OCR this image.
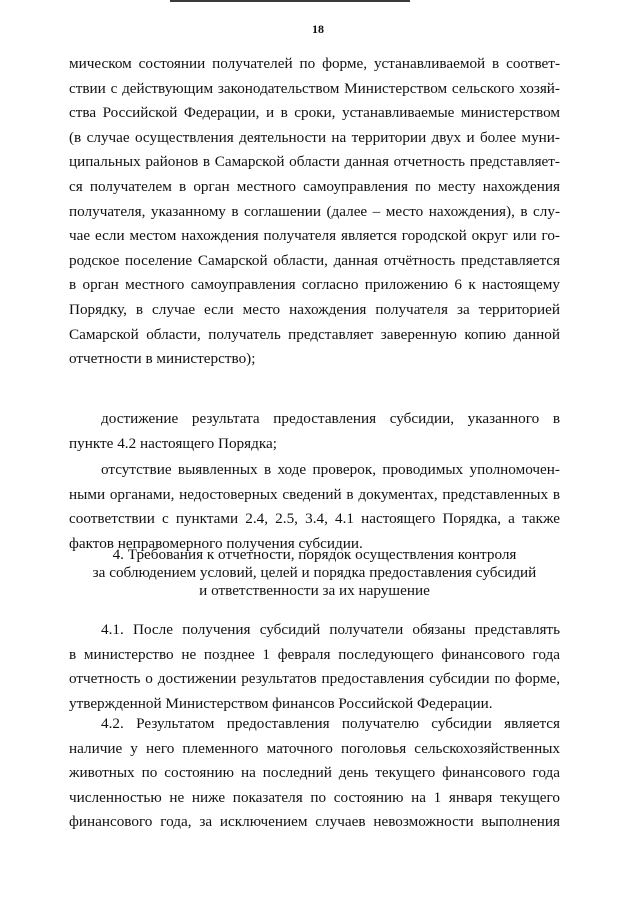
18
мическом состоянии получателей по форме, устанавливаемой в соответ-
ствии с действующим законодательством Министерством сельского хозяй-
ства Российской Федерации, и в сроки, устанавливаемые министерством
(в случае осуществления деятельности на территории двух и более муни-
ципальных районов в Самарской области данная отчетность представляет-
ся получателем в орган местного самоуправления по месту нахождения
получателя, указанному в соглашении (далее – место нахождения), в слу-
чае если местом нахождения получателя является городской округ или го-
родское поселение Самарской области, данная отчётность представляется
в орган местного самоуправления согласно приложению 6 к настоящему
Порядку, в случае если место нахождения получателя за территорией
Самарской области, получатель представляет заверенную копию данной
отчетности в министерство);
достижение результата предоставления субсидии, указанного в
пункте 4.2 настоящего Порядка;
отсутствие выявленных в ходе проверок, проводимых уполномочен-
ными органами, недостоверных сведений в документах, представленных в
соответствии с пунктами 2.4, 2.5, 3.4, 4.1 настоящего Порядка, а также
фактов неправомерного получения субсидии.
4. Требования к отчетности, порядок осуществления контроля
за соблюдением условий, целей и порядка предоставления субсидий
и ответственности за их нарушение
4.1. После получения субсидий получатели обязаны представлять
в министерство не позднее 1 февраля последующего финансового года
отчетность о достижении результатов предоставления субсидии по форме,
утвержденной Министерством финансов Российской Федерации.
4.2. Результатом предоставления получателю субсидии является
наличие у него племенного маточного поголовья сельскохозяйственных
животных по состоянию на последний день текущего финансового года
численностью не ниже показателя по состоянию на 1 января текущего
финансового года, за исключением случаев невозможности выполнения
